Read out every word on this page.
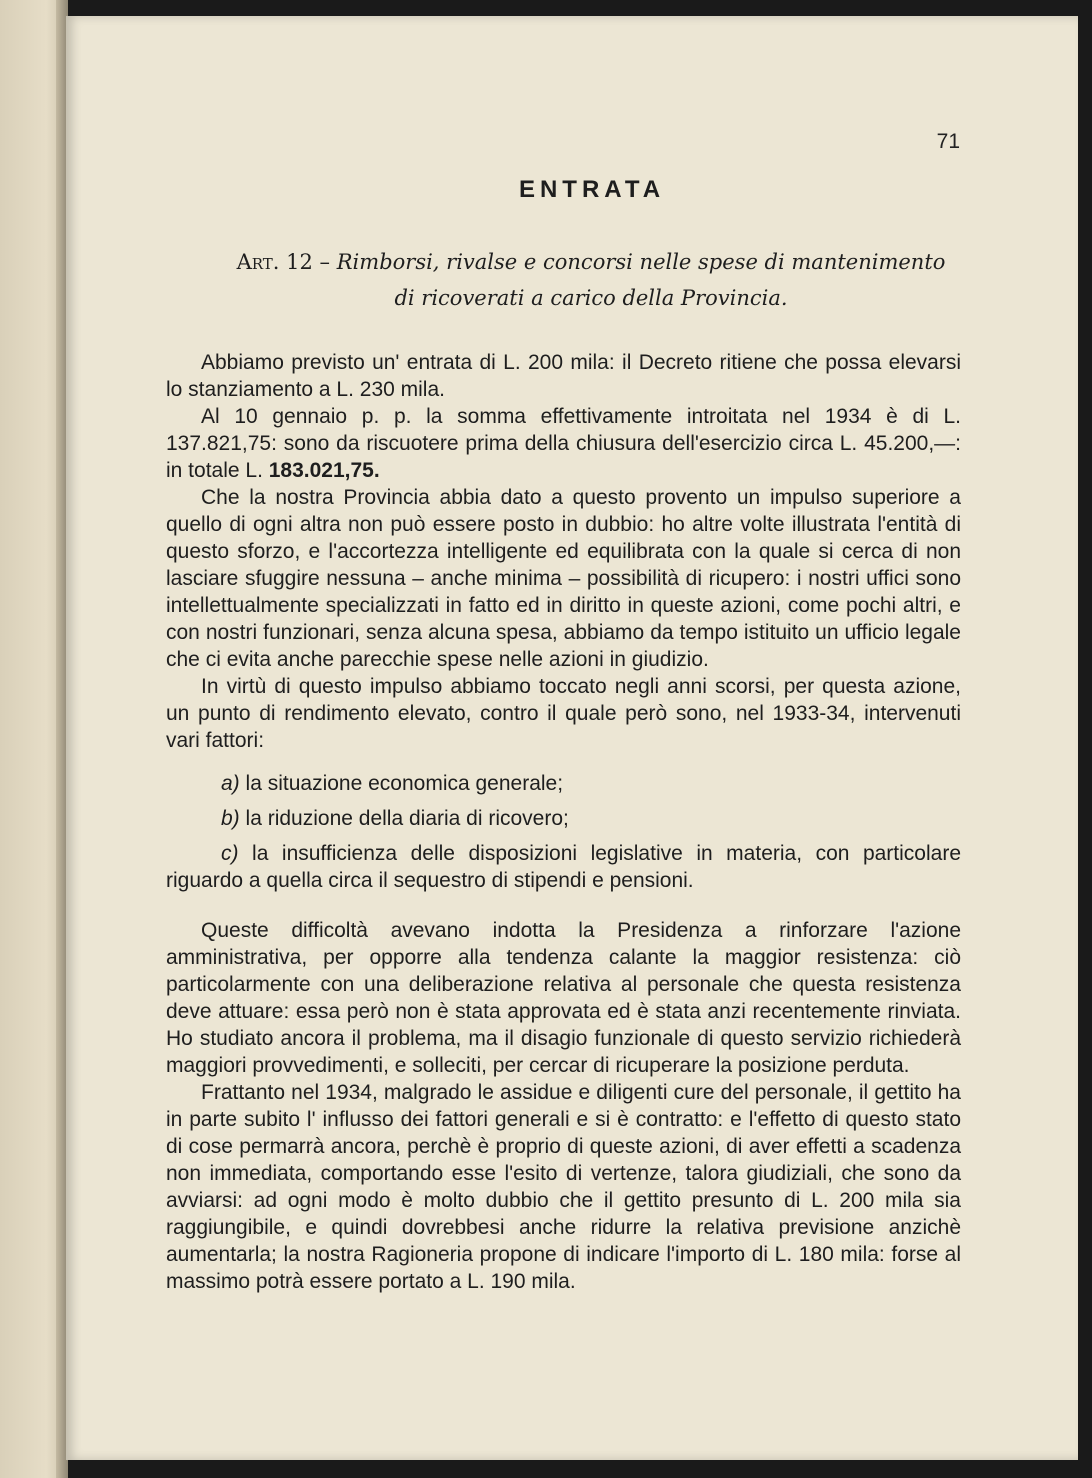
71
ENTRATA
Art. 12 – Rimborsi, rivalse e concorsi nelle spese di mantenimento
di ricoverati a carico della Provincia.

Abbiamo previsto un' entrata di L. 200 mila: il Decreto ritiene che possa elevarsi lo stanziamento a L. 230 mila.

Al 10 gennaio p. p. la somma effettivamente introitata nel 1934 è di L. 137.821,75: sono da riscuotere prima della chiusura dell'esercizio circa L. 45.200,—: in totale L. 183.021,75.

Che la nostra Provincia abbia dato a questo provento un impulso superiore a quello di ogni altra non può essere posto in dubbio: ho altre volte illustrata l'entità di questo sforzo, e l'accortezza intelligente ed equilibrata con la quale si cerca di non lasciare sfuggire nessuna – anche minima – possibilità di ricupero: i nostri uffici sono intellettualmente specializzati in fatto ed in diritto in queste azioni, come pochi altri, e con nostri funzionari, senza alcuna spesa, abbiamo da tempo istituito un ufficio legale che ci evita anche parecchie spese nelle azioni in giudizio.

In virtù di questo impulso abbiamo toccato negli anni scorsi, per questa azione, un punto di rendimento elevato, contro il quale però sono, nel 1933-34, intervenuti vari fattori:

a) la situazione economica generale;

b) la riduzione della diaria di ricovero;

c) la insufficienza delle disposizioni legislative in materia, con particolare riguardo a quella circa il sequestro di stipendi e pensioni.

Queste difficoltà avevano indotta la Presidenza a rinforzare l'azione amministrativa, per opporre alla tendenza calante la maggior resistenza: ciò particolarmente con una deliberazione relativa al personale che questa resistenza deve attuare: essa però non è stata approvata ed è stata anzi recentemente rinviata. Ho studiato ancora il problema, ma il disagio funzionale di questo servizio richiederà maggiori provvedimenti, e solleciti, per cercar di ricuperare la posizione perduta.

Frattanto nel 1934, malgrado le assidue e diligenti cure del personale, il gettito ha in parte subito l' influsso dei fattori generali e si è contratto: e l'effetto di questo stato di cose permarrà ancora, perchè è proprio di queste azioni, di aver effetti a scadenza non immediata, comportando esse l'esito di vertenze, talora giudiziali, che sono da avviarsi: ad ogni modo è molto dubbio che il gettito presunto di L. 200 mila sia raggiungibile, e quindi dovrebbesi anche ridurre la relativa previsione anzichè aumentarla; la nostra Ragioneria propone di indicare l'importo di L. 180 mila: forse al massimo potrà essere portato a L. 190 mila.
